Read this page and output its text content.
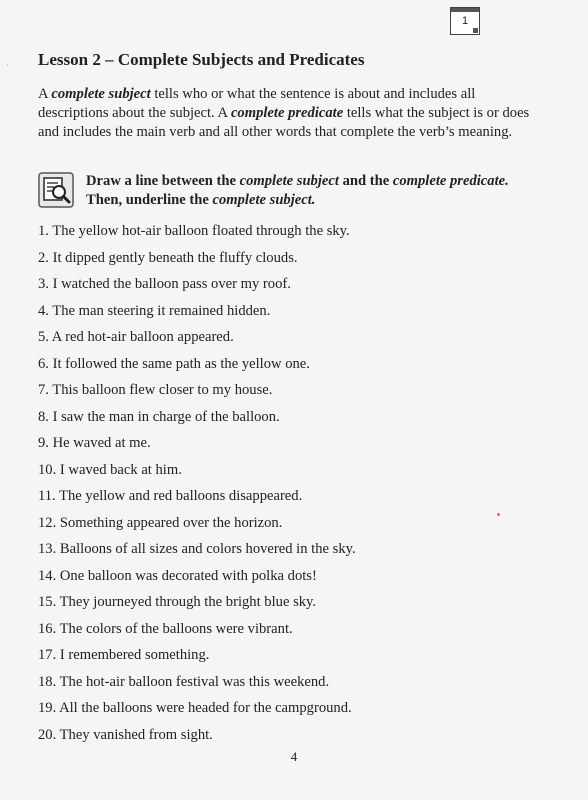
1
ˊ Lesson 2 – Complete Subjects and Predicates

A complete subject tells who or what the sentence is about and includes all descriptions about the subject. A complete predicate tells what the subject is or does and includes the main verb and all other words that complete the verb’s meaning.

Draw a line between the complete subject and the complete predicate. Then, underline the complete subject.

1. The yellow hot-air balloon floated through the sky.
2. It dipped gently beneath the fluffy clouds.
3. I watched the balloon pass over my roof.
4. The man steering it remained hidden.
5. A red hot-air balloon appeared.
6. It followed the same path as the yellow one.
7. This balloon flew closer to my house.
8. I saw the man in charge of the balloon.
9. He waved at me.
10. I waved back at him.
11. The yellow and red balloons disappeared.
12. Something appeared over the horizon.
13. Balloons of all sizes and colors hovered in the sky.
14. One balloon was decorated with polka dots!
15. They journeyed through the bright blue sky.
16. The colors of the balloons were vibrant.
17. I remembered something.
18. The hot-air balloon festival was this weekend.
19. All the balloons were headed for the campground.
20. They vanished from sight.
4
